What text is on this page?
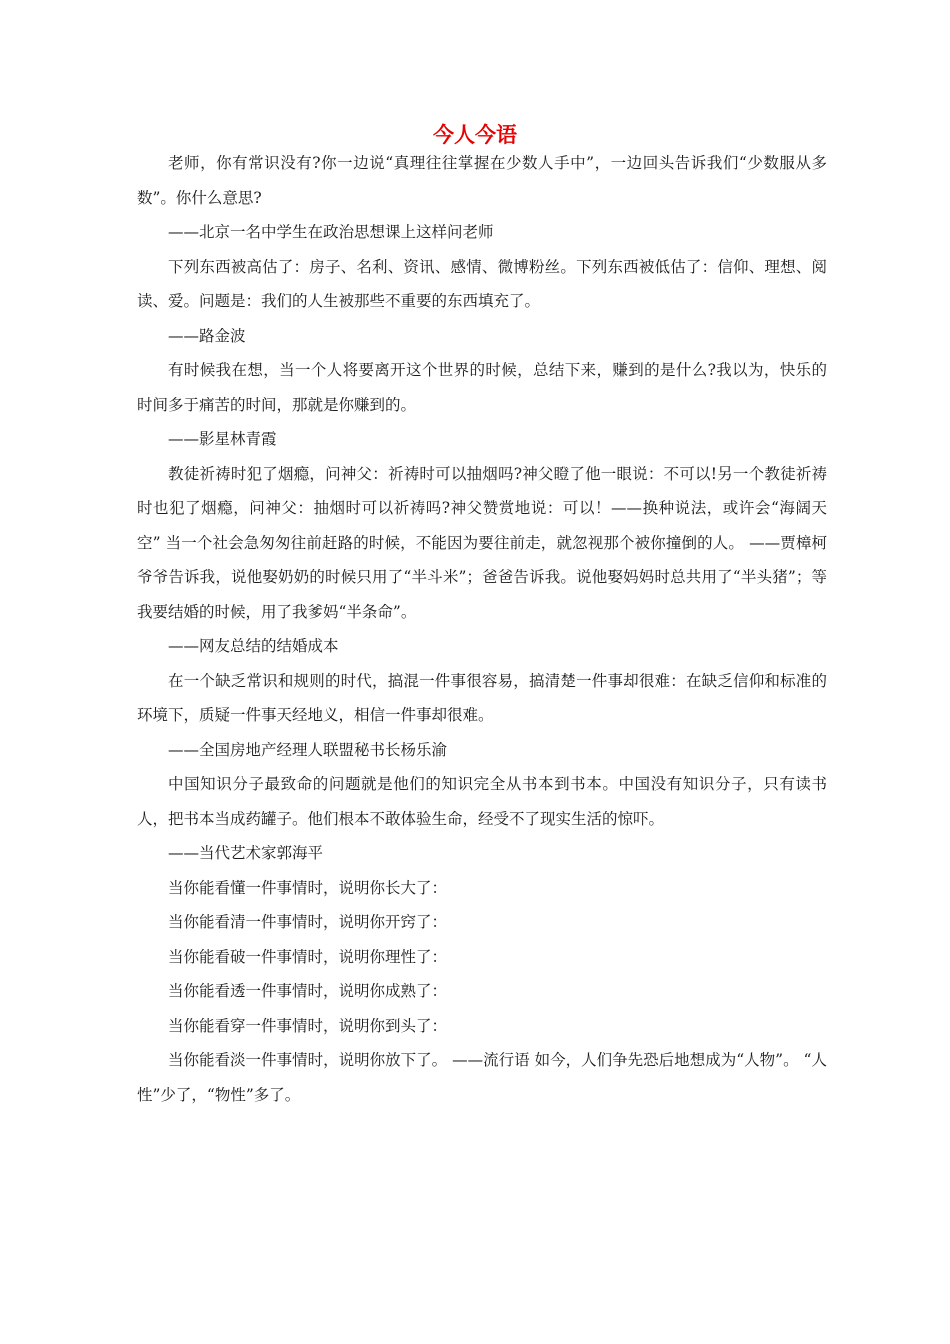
今人今语

老师，你有常识没有?你一边说“真理往往掌握在少数人手中”，一边回头告诉我们“少数服从多数”。你什么意思?

——北京一名中学生在政治思想课上这样问老师

下列东西被高估了：房子、名利、资讯、感情、微博粉丝。下列东西被低估了：信仰、理想、阅读、爱。问题是：我们的人生被那些不重要的东西填充了。

——路金波

有时候我在想，当一个人将要离开这个世界的时候，总结下来，赚到的是什么?我以为，快乐的时间多于痛苦的时间，那就是你赚到的。

——影星林青霞

教徒祈祷时犯了烟瘾，问神父：祈祷时可以抽烟吗?神父瞪了他一眼说：不可以!另一个教徒祈祷时也犯了烟瘾，问神父：抽烟时可以祈祷吗?神父赞赏地说：可以！——换种说法，或许会“海阔天空” 当一个社会急匆匆往前赶路的时候，不能因为要往前走，就忽视那个被你撞倒的人。 ——贾樟柯 爷爷告诉我，说他娶奶奶的时候只用了“半斗米”；爸爸告诉我。说他娶妈妈时总共用了“半头猪”；等我要结婚的时候，用了我爹妈“半条命”。

——网友总结的结婚成本

在一个缺乏常识和规则的时代，搞混一件事很容易，搞清楚一件事却很难：在缺乏信仰和标准的环境下，质疑一件事天经地义，相信一件事却很难。

——全国房地产经理人联盟秘书长杨乐渝

中国知识分子最致命的问题就是他们的知识完全从书本到书本。中国没有知识分子，只有读书人，把书本当成药罐子。他们根本不敢体验生命，经受不了现实生活的惊吓。

——当代艺术家郭海平

当你能看懂一件事情时，说明你长大了：

当你能看清一件事情时，说明你开窍了：

当你能看破一件事情时，说明你理性了：

当你能看透一件事情时，说明你成熟了：

当你能看穿一件事情时，说明你到头了：

当你能看淡一件事情时，说明你放下了。 ——流行语 如今，人们争先恐后地想成为“人物”。 “人性”少了，“物性”多了。
